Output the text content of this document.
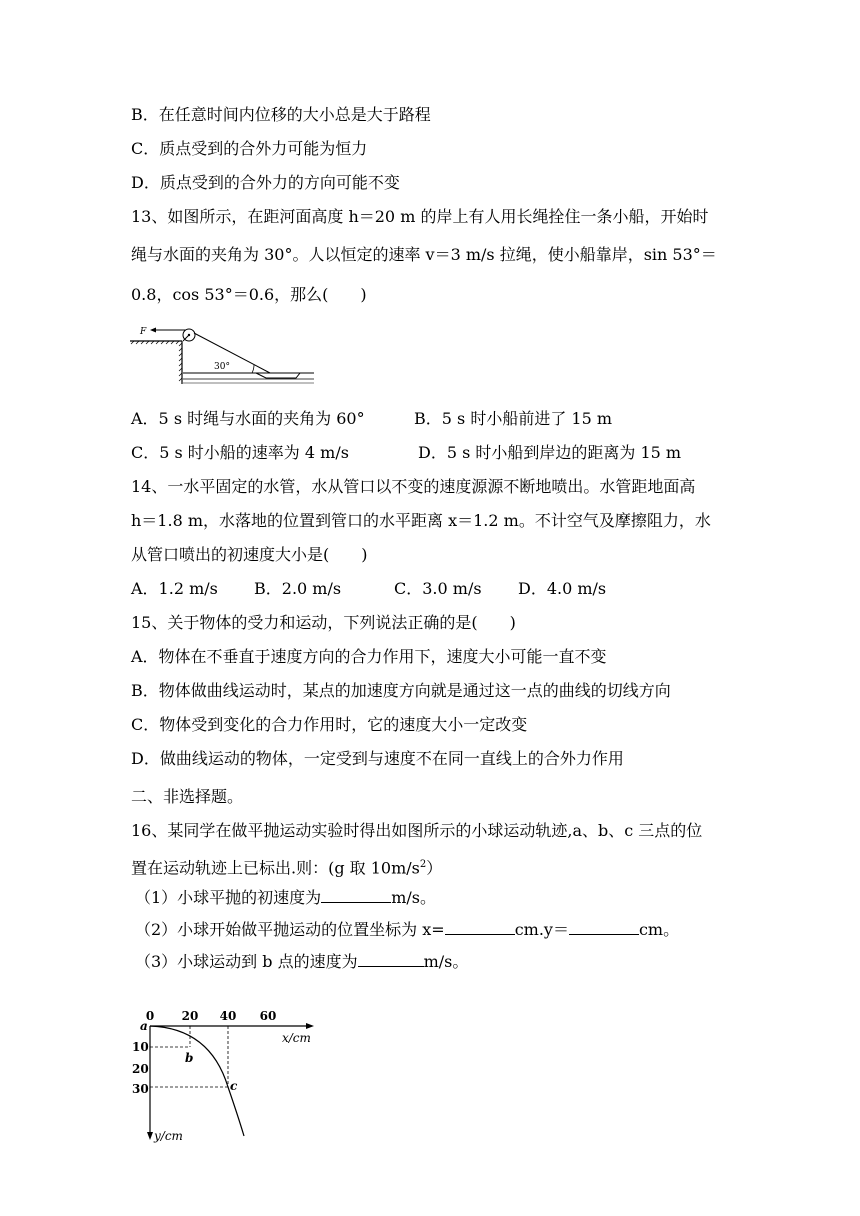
B．在任意时间内位移的大小总是大于路程
C．质点受到的合外力可能为恒力
D．质点受到的合外力的方向可能不变
13、如图所示，在距河面高度 h＝20 m 的岸上有人用长绳拴住一条小船，开始时
绳与水面的夹角为 30°。人以恒定的速率 v＝3 m/s 拉绳，使小船靠岸，sin 53°＝
0.8，cos 53°＝0.6，那么(　　)
F
30°
A．5 s 时绳与水面的夹角为 60°	B．5 s 时小船前进了 15 m
C．5 s 时小船的速率为 4 m/s	D．5 s 时小船到岸边的距离为 15 m
14、一水平固定的水管，水从管口以不变的速度源源不断地喷出。水管距地面高
h＝1.8 m，水落地的位置到管口的水平距离 x＝1.2 m。不计空气及摩擦阻力，水
从管口喷出的初速度大小是(　　)
A．1.2 m/s B．2.0 m/s	C．3.0 m/s D．4.0 m/s
15、关于物体的受力和运动，下列说法正确的是(　　)
A．物体在不垂直于速度方向的合力作用下，速度大小可能一直不变
B．物体做曲线运动时，某点的加速度方向就是通过这一点的曲线的切线方向
C．物体受到变化的合力作用时，它的速度大小一定改变
D．做曲线运动的物体，一定受到与速度不在同一直线上的合外力作用
二、非选择题。
16、某同学在做平抛运动实验时得出如图所示的小球运动轨迹,a、b、c 三点的位
置在运动轨迹上已标出.则：(g 取 $10m/s^2$）
（1）小球平抛的初速度为	m/s。
（2）小球开始做平抛运动的位置坐标为 x=	cm.y＝	cm。
（3）小球运动到 b 点的速度为	m/s。
0 20 40 60
10
20
30
x/cm
y/cm
a
b
c
